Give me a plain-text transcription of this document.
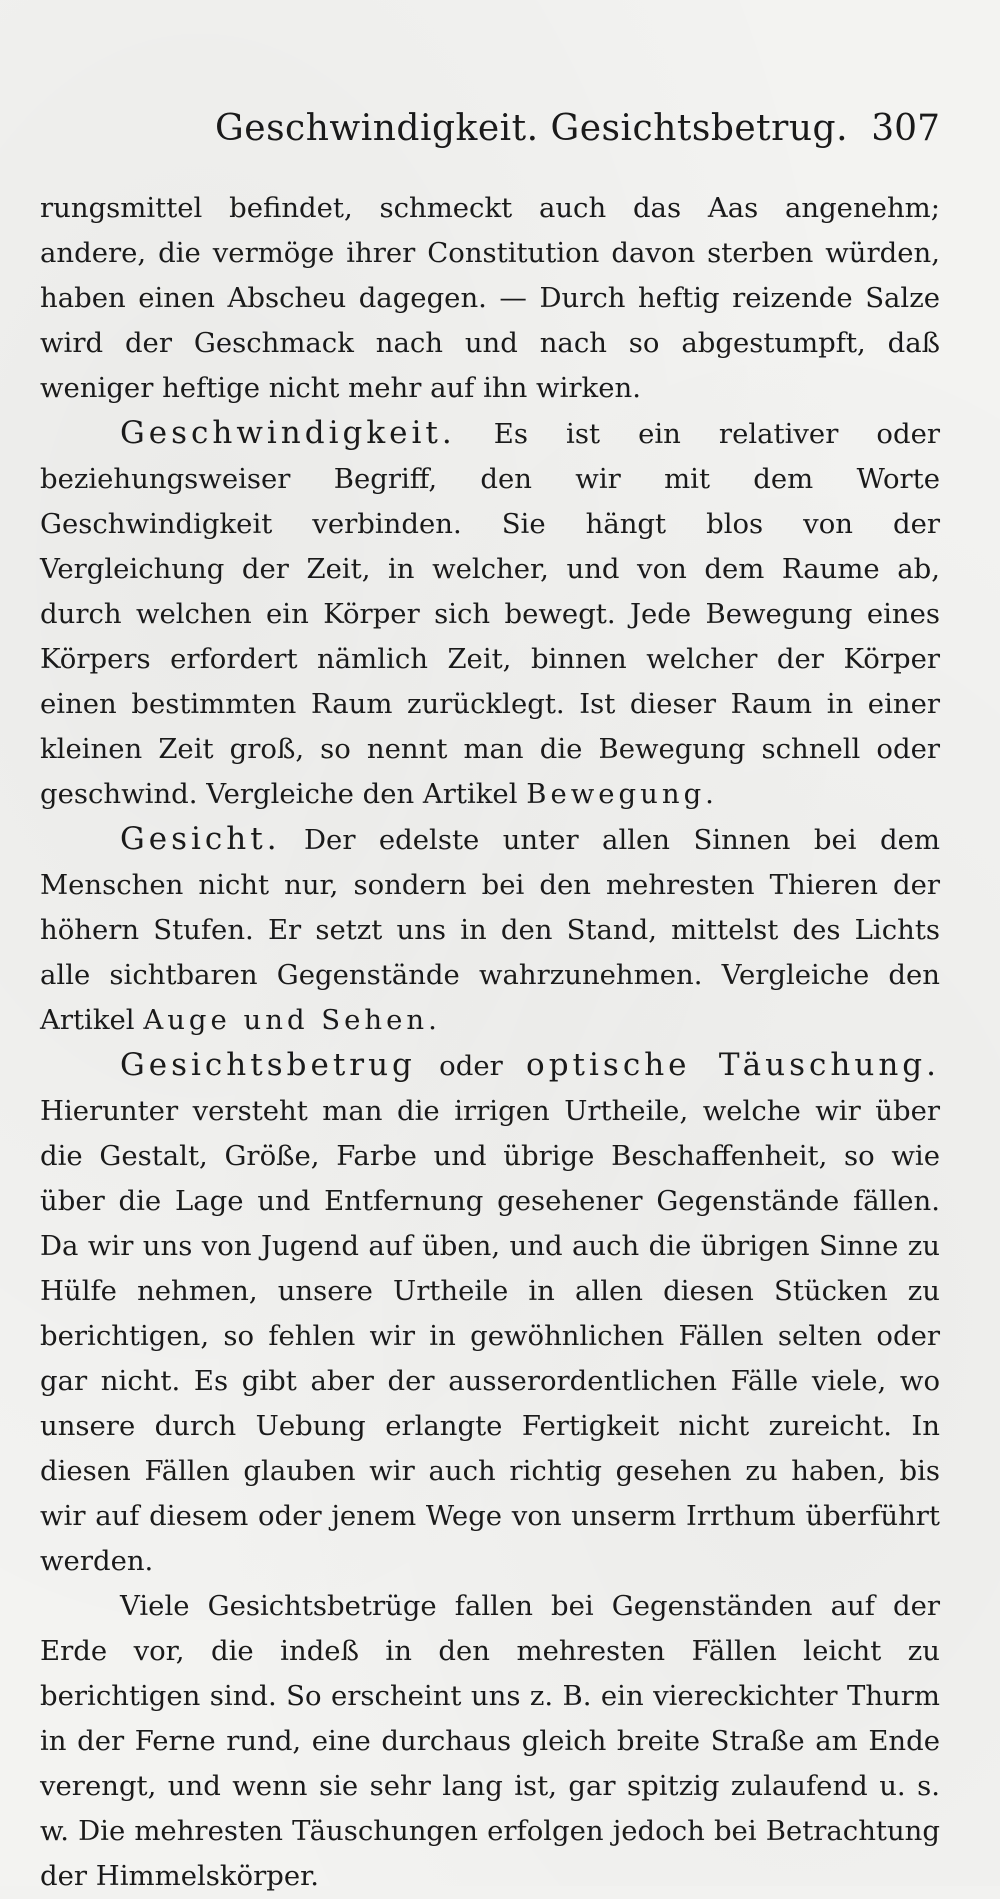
Geschwindigkeit. Gesichtsbetrug. 307

rungsmittel befindet, schmeckt auch das Aas angenehm; andere, die vermöge ihrer Constitution davon sterben würden, haben einen Abscheu dagegen. — Durch heftig reizende Salze wird der Geschmack nach und nach so abgestumpft, daß weniger heftige nicht mehr auf ihn wirken.

Geschwindigkeit. Es ist ein relativer oder beziehungsweiser Begriff, den wir mit dem Worte Geschwindigkeit verbinden. Sie hängt blos von der Vergleichung der Zeit, in welcher, und von dem Raume ab, durch welchen ein Körper sich bewegt. Jede Bewegung eines Körpers erfordert nämlich Zeit, binnen welcher der Körper einen bestimmten Raum zurücklegt. Ist dieser Raum in einer kleinen Zeit groß, so nennt man die Bewegung schnell oder geschwind. Vergleiche den Artikel Bewegung.

Gesicht. Der edelste unter allen Sinnen bei dem Menschen nicht nur, sondern bei den mehresten Thieren der höhern Stufen. Er setzt uns in den Stand, mittelst des Lichts alle sichtbaren Gegenstände wahrzunehmen. Vergleiche den Artikel Auge und Sehen.

Gesichtsbetrug oder optische Täuschung. Hierunter versteht man die irrigen Urtheile, welche wir über die Gestalt, Größe, Farbe und übrige Beschaffenheit, so wie über die Lage und Entfernung gesehener Gegenstände fällen. Da wir uns von Jugend auf üben, und auch die übrigen Sinne zu Hülfe nehmen, unsere Urtheile in allen diesen Stücken zu berichtigen, so fehlen wir in gewöhnlichen Fällen selten oder gar nicht. Es gibt aber der ausserordentlichen Fälle viele, wo unsere durch Uebung erlangte Fertigkeit nicht zureicht. In diesen Fällen glauben wir auch richtig gesehen zu haben, bis wir auf diesem oder jenem Wege von unserm Irrthum überführt werden.

Viele Gesichtsbetrüge fallen bei Gegenständen auf der Erde vor, die indeß in den mehresten Fällen leicht zu berichtigen sind. So erscheint uns z. B. ein viereckichter Thurm in der Ferne rund, eine durchaus gleich breite Straße am Ende verengt, und wenn sie sehr lang ist, gar spitzig zulaufend u. s. w. Die mehresten Täuschungen erfolgen jedoch bei Betrachtung der Himmelskörper.
